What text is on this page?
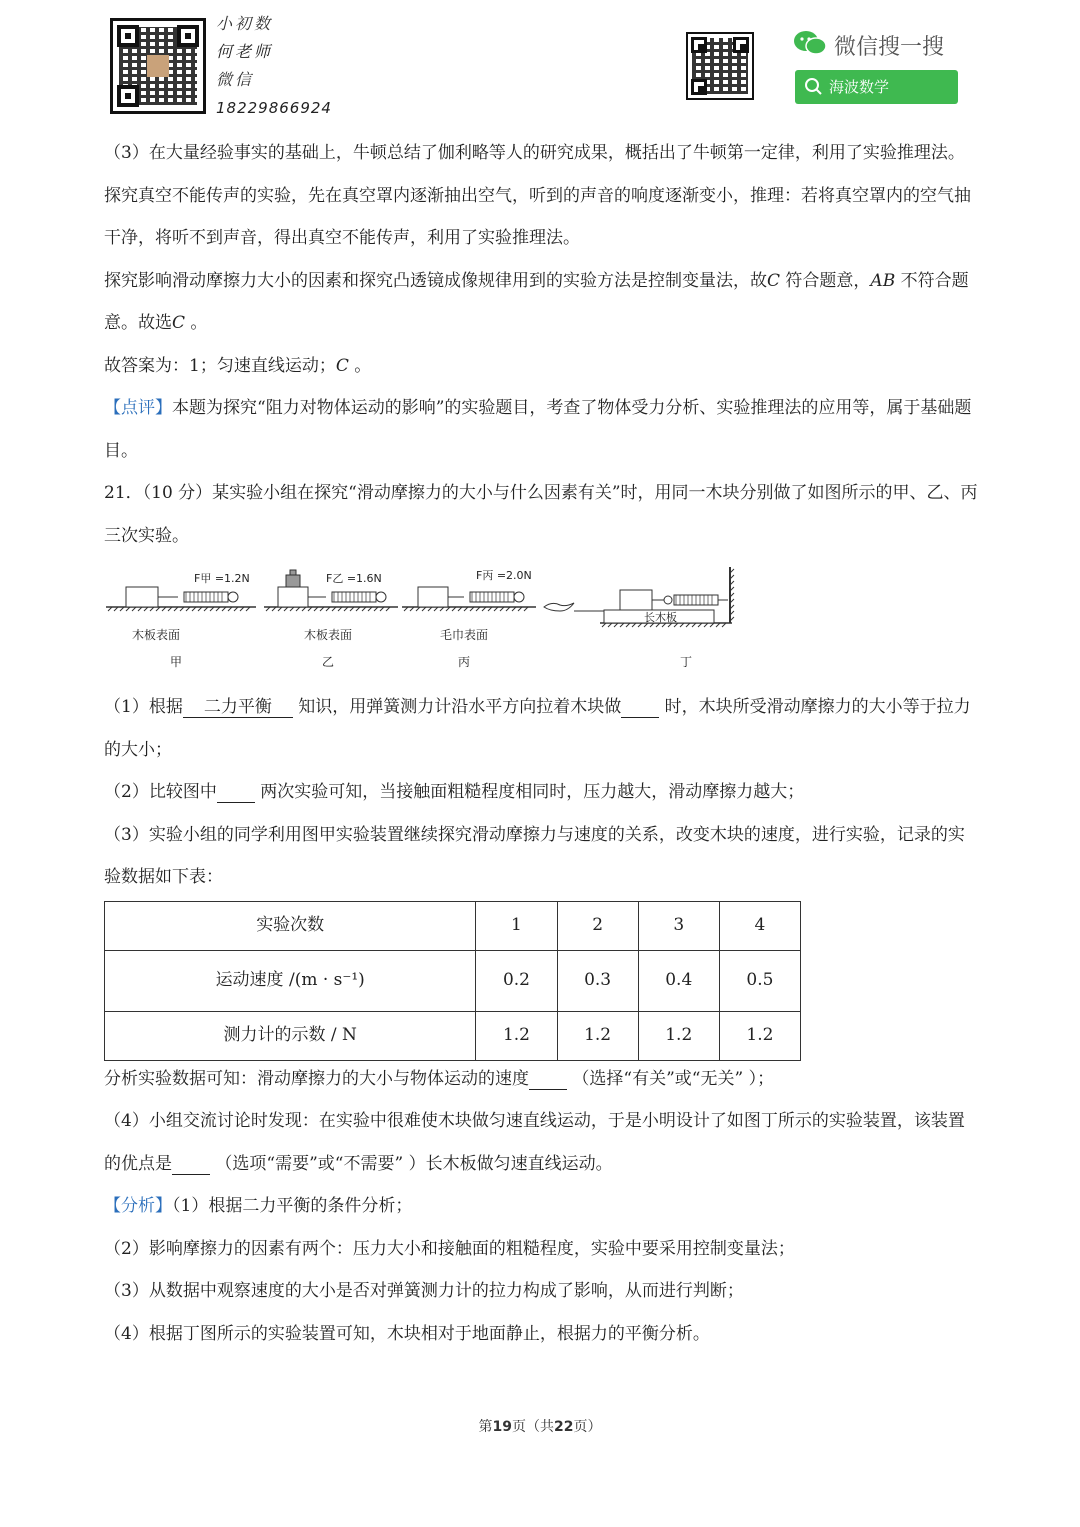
小初数
何老师
微信
18229866924
微信搜一搜
海波数学

（3）在大量经验事实的基础上，牛顿总结了伽利略等人的研究成果，概括出了牛顿第一定律，利用了实验推理法。

探究真空不能传声的实验，先在真空罩内逐渐抽出空气，听到的声音的响度逐渐变小，推理：若将真空罩内的空气抽干净，将听不到声音，得出真空不能传声，利用了实验推理法。

探究影响滑动摩擦力大小的因素和探究凸透镜成像规律用到的实验方法是控制变量法，故C 符合题意，AB 不符合题意。故选C 。

故答案为：1；匀速直线运动；C 。

【点评】本题为探究“阻力对物体运动的影响”的实验题目，考查了物体受力分析、实验推理法的应用等，属于基础题目。

21．（10 分）某实验小组在探究“滑动摩擦力的大小与什么因素有关”时，用同一木块分别做了如图所示的甲、乙、丙三次实验。

F甲 =1.2N
木板表面
甲
F乙 =1.6N
木板表面
乙
F丙 =2.0N
毛巾表面
丙
长木板
丁

（1）根据 二力平衡 知识，用弹簧测力计沿水平方向拉着木块做 时，木块所受滑动摩擦力的大小等于拉力的大小；

（2）比较图中 两次实验可知，当接触面粗糙程度相同时，压力越大，滑动摩擦力越大；

（3）实验小组的同学利用图甲实验装置继续探究滑动摩擦力与速度的关系，改变木块的速度，进行实验，记录的实验数据如下表：

实验次数	1	2	3	4
运动速度 /(m · s⁻¹)	0.2	0.3	0.4	0.5
测力计的示数 / N	1.2	1.2	1.2	1.2

分析实验数据可知：滑动摩擦力的大小与物体运动的速度 （选择“有关”或“无关” ）；

（4）小组交流讨论时发现：在实验中很难使木块做匀速直线运动，于是小明设计了如图丁所示的实验装置，该装置的优点是 （选项“需要”或“不需要” ）长木板做匀速直线运动。

【分析】（1）根据二力平衡的条件分析；

（2）影响摩擦力的因素有两个：压力大小和接触面的粗糙程度，实验中要采用控制变量法；

（3）从数据中观察速度的大小是否对弹簧测力计的拉力构成了影响，从而进行判断；

（4）根据丁图所示的实验装置可知，木块相对于地面静止，根据力的平衡分析。

第19页（共22页）
